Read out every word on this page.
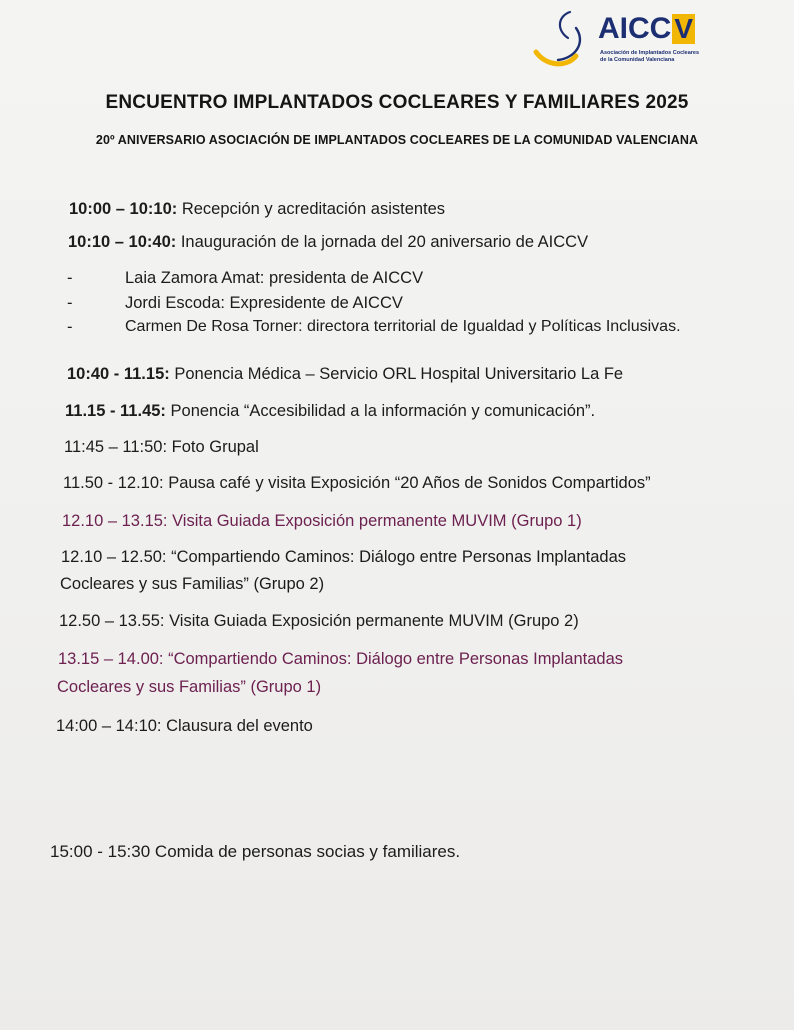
AICC V
Asociación de Implantados Cocleares
de la Comunidad Valenciana
ENCUENTRO IMPLANTADOS COCLEARES Y FAMILIARES 2025
20º ANIVERSARIO ASOCIACIÓN DE IMPLANTADOS COCLEARES DE LA COMUNIDAD VALENCIANA
10:00 – 10:10: Recepción y acreditación asistentes
10:10 – 10:40: Inauguración de la jornada del 20 aniversario de AICCV
-	Laia Zamora Amat: presidenta de AICCV
-	Jordi Escoda: Expresidente de AICCV
-	Carmen De Rosa Torner: directora territorial de Igualdad y Políticas Inclusivas.
10:40 - 11.15: Ponencia Médica – Servicio ORL Hospital Universitario La Fe
11.15 - 11.45: Ponencia “Accesibilidad a la información y comunicación”.
11:45 – 11:50: Foto Grupal
11.50 - 12.10: Pausa café y visita Exposición “20 Años de Sonidos Compartidos”
12.10 – 13.15: Visita Guiada Exposición permanente MUVIM (Grupo 1)
12.10 – 12.50: “Compartiendo Caminos: Diálogo entre Personas Implantadas
Cocleares y sus Familias” (Grupo 2)
12.50 – 13.55: Visita Guiada Exposición permanente MUVIM (Grupo 2)
13.15 – 14.00: “Compartiendo Caminos: Diálogo entre Personas Implantadas
Cocleares y sus Familias” (Grupo 1)
14:00 – 14:10: Clausura del evento
15:00 - 15:30 Comida de personas socias y familiares.
